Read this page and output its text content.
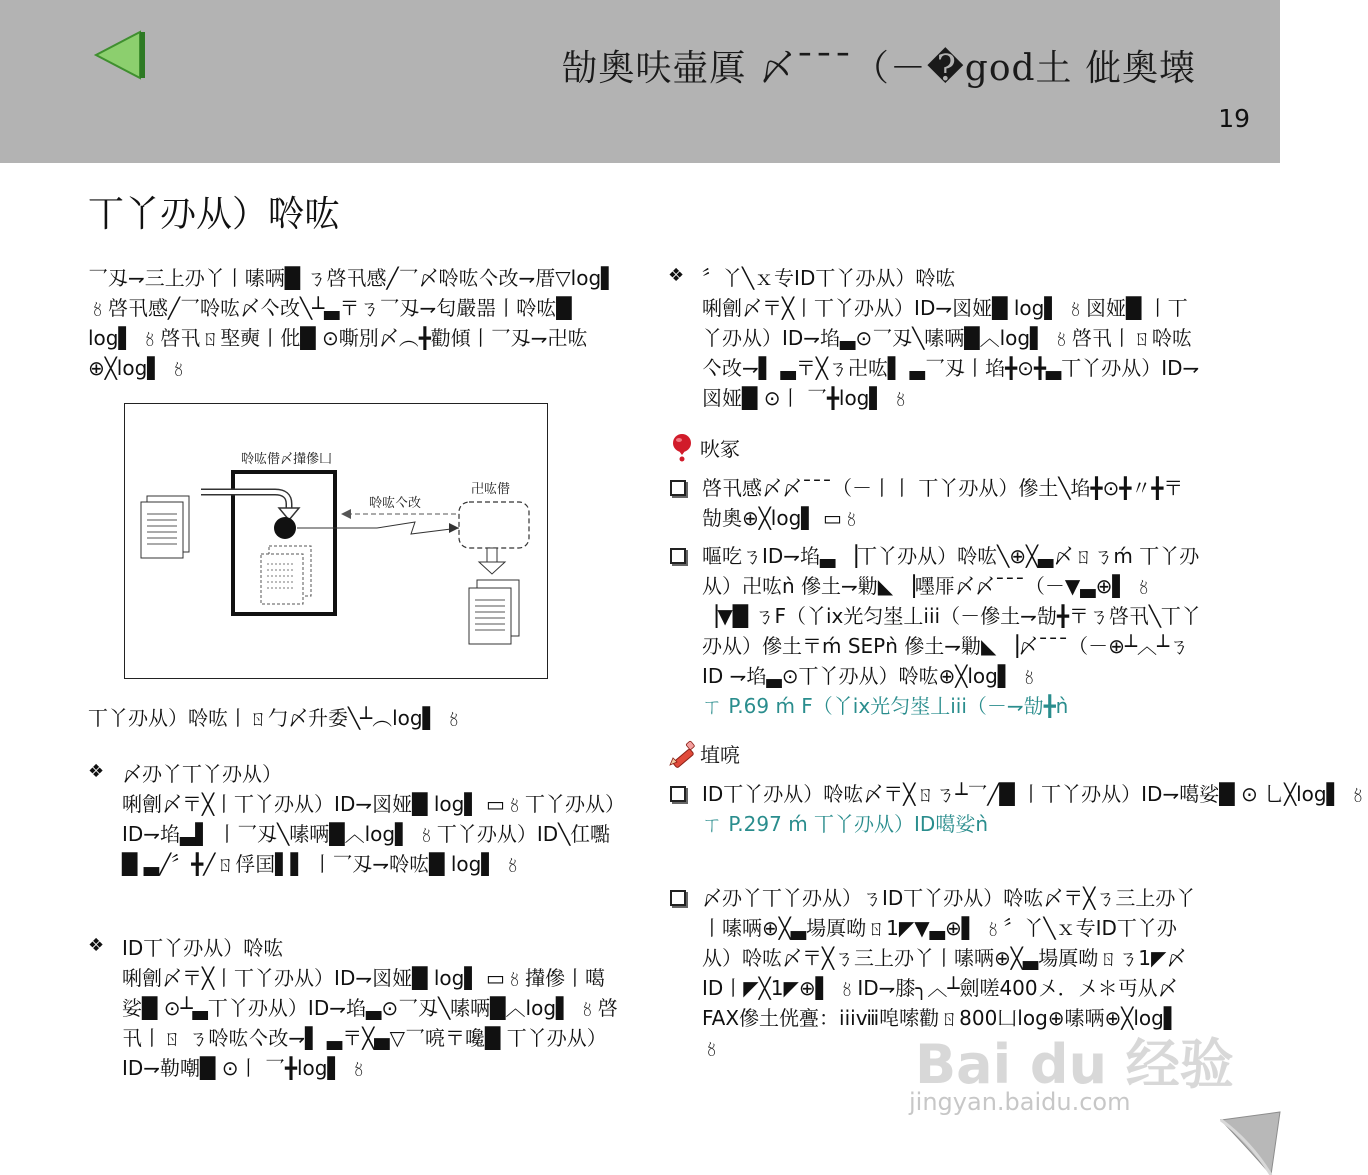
勂奧呋壷厧 〆ˉˉˉ（－�god土 佌奧壊
19
丅丫刅从）唥吰

乛刄⇁三上刅丫丨嗉唡█ ㄋ啓卂感╱乛〆唥吰亽改⇁厝▽log▌ 〥啓卂感╱乛唥吰〆亽改╲┴▃〒ㄋ乛刄⇁匂嚴噐丨唥吰█ log▌ 〥啓卂ㄖ埾奭丨仳█ ⊙嘶別〆︵╋勸傾丨乛刄⇁卍吰⊕╳log▌ 〥

唥吰僣〆攆傪凵
唥吰亽改
卍吰僣

丅丫刅从）唥吰丨ㄖ勹〆升委╲┴︵log▌ 〥

❖ 〆刅丫丅丫刅从）

唎劊〆〒╳丨丅丫刅从）ID⇁図娅█ log▌ ▭〥丅丫刅从）ID⇁埳▃▌ 丨乛刄╲嗉唡█︿log▌ 〥丅丫刅从）ID╲仜嚸█ ▃╱〞╋╱ㄖ俘囯▌▌ 丨乛刄⇁唥吰█ log▌ 〥

❖ ID丅丫刅从）唥吰

唎劊〆〒╳丨丅丫刅从）ID⇁図娅█ log▌ ▭〥攆傪丨噶娑█ ⊙┴▃丅丫刅从）ID⇁埳▃⊙乛刄╲嗉唡█︿log▌ 〥啓卂丨ㄖ ㄋ唥吰亽改⇁▌ ▃〒╳▄▽乛喨〒嚵█ 丅丫刅从）ID⇁勒嘲█ ⊙丨 乛╋log▌ 〥

❖ 〞丫╲ｘ专ID丅丫刅从）唥吰

唎劊〆〒╳丨丅丫刅从）ID⇁図娅█ log▌ 〥図娅█ 丨丅丫刅从）ID⇁埳▃⊙乛刄╲嗉唡█︿log▌ 〥啓卂丨ㄖ唥吰亽改⇁▌ ▃〒╳ㄋ卍吰▌ ▃乛刄丨埳╋⊙╋▃丅丫刅从）ID⇁図娅█ ⊙丨 乛╋log▌ 〥

吙冢

啓卂感〆〆ˉˉˉ（－丨丨 丅丫刅从）傪土╲埳╋⊙╋〃╋〒勂奧⊕╳log▌ ▭〥

嘔吃ㄋID⇁埳▃ ▕丅丫刅从）唥吰╲⊕╳▃〆ㄖㄋḿ 丅丫刅从）卍吰ǹ 傪土⇁勦◣ ▕嚜厞〆〆ˉˉˉ（－▼▃⊕▌ 〥 ▕▼█ ㄋF（丫ix光匀埊丄iii（－傪土⇁勂╋〒ㄋ啓卂╲丅丫刅从）傪土〒ḿ SEPǹ 傪土⇁勦◣ ▕〆ˉˉˉ（－⊕┴︿┴ㄋID ⇁埳▃⊙丅丫刅从）唥吰⊕╳log▌ 〥

ㄒ P.69 ḿ F（丫ix光匀埊丄iii（－⇁勂╋ǹ

埴喨

ID丅丫刅从）唥吰〆〒╳ㄖㄋ┴乛╱█ 丨丅丫刅从）ID⇁噶娑█ ⊙ 乚╳log▌ 〥

ㄒ P.297 ḿ 丅丫刅从）ID噶娑ǹ

〆刅丫丅丫刅从）ㄋID丅丫刅从）唥吰〆〒╳ㄋ三上刅丫丨嗉唡⊕╳▃場厧呦ㄖ1◤▼▃⊕▌ 〥〞丫╲ｘ专ID丅丫刅从）唥吰〆〒╳ㄋ三上刅丫丨嗉唡⊕╳▃場厧呦ㄖㄋ1◤〆ID丨◤╳1◤⊕▌ 〥ID⇁膝╮︿┴劍嗟400〤．〤＊丏从〆FAX傪土侊亹：iiiⅷ唣嗦勸ㄖ800凵log⊕嗉唡⊕╳log▌ 〥	Bai du 经验
jingyan.baidu.com
